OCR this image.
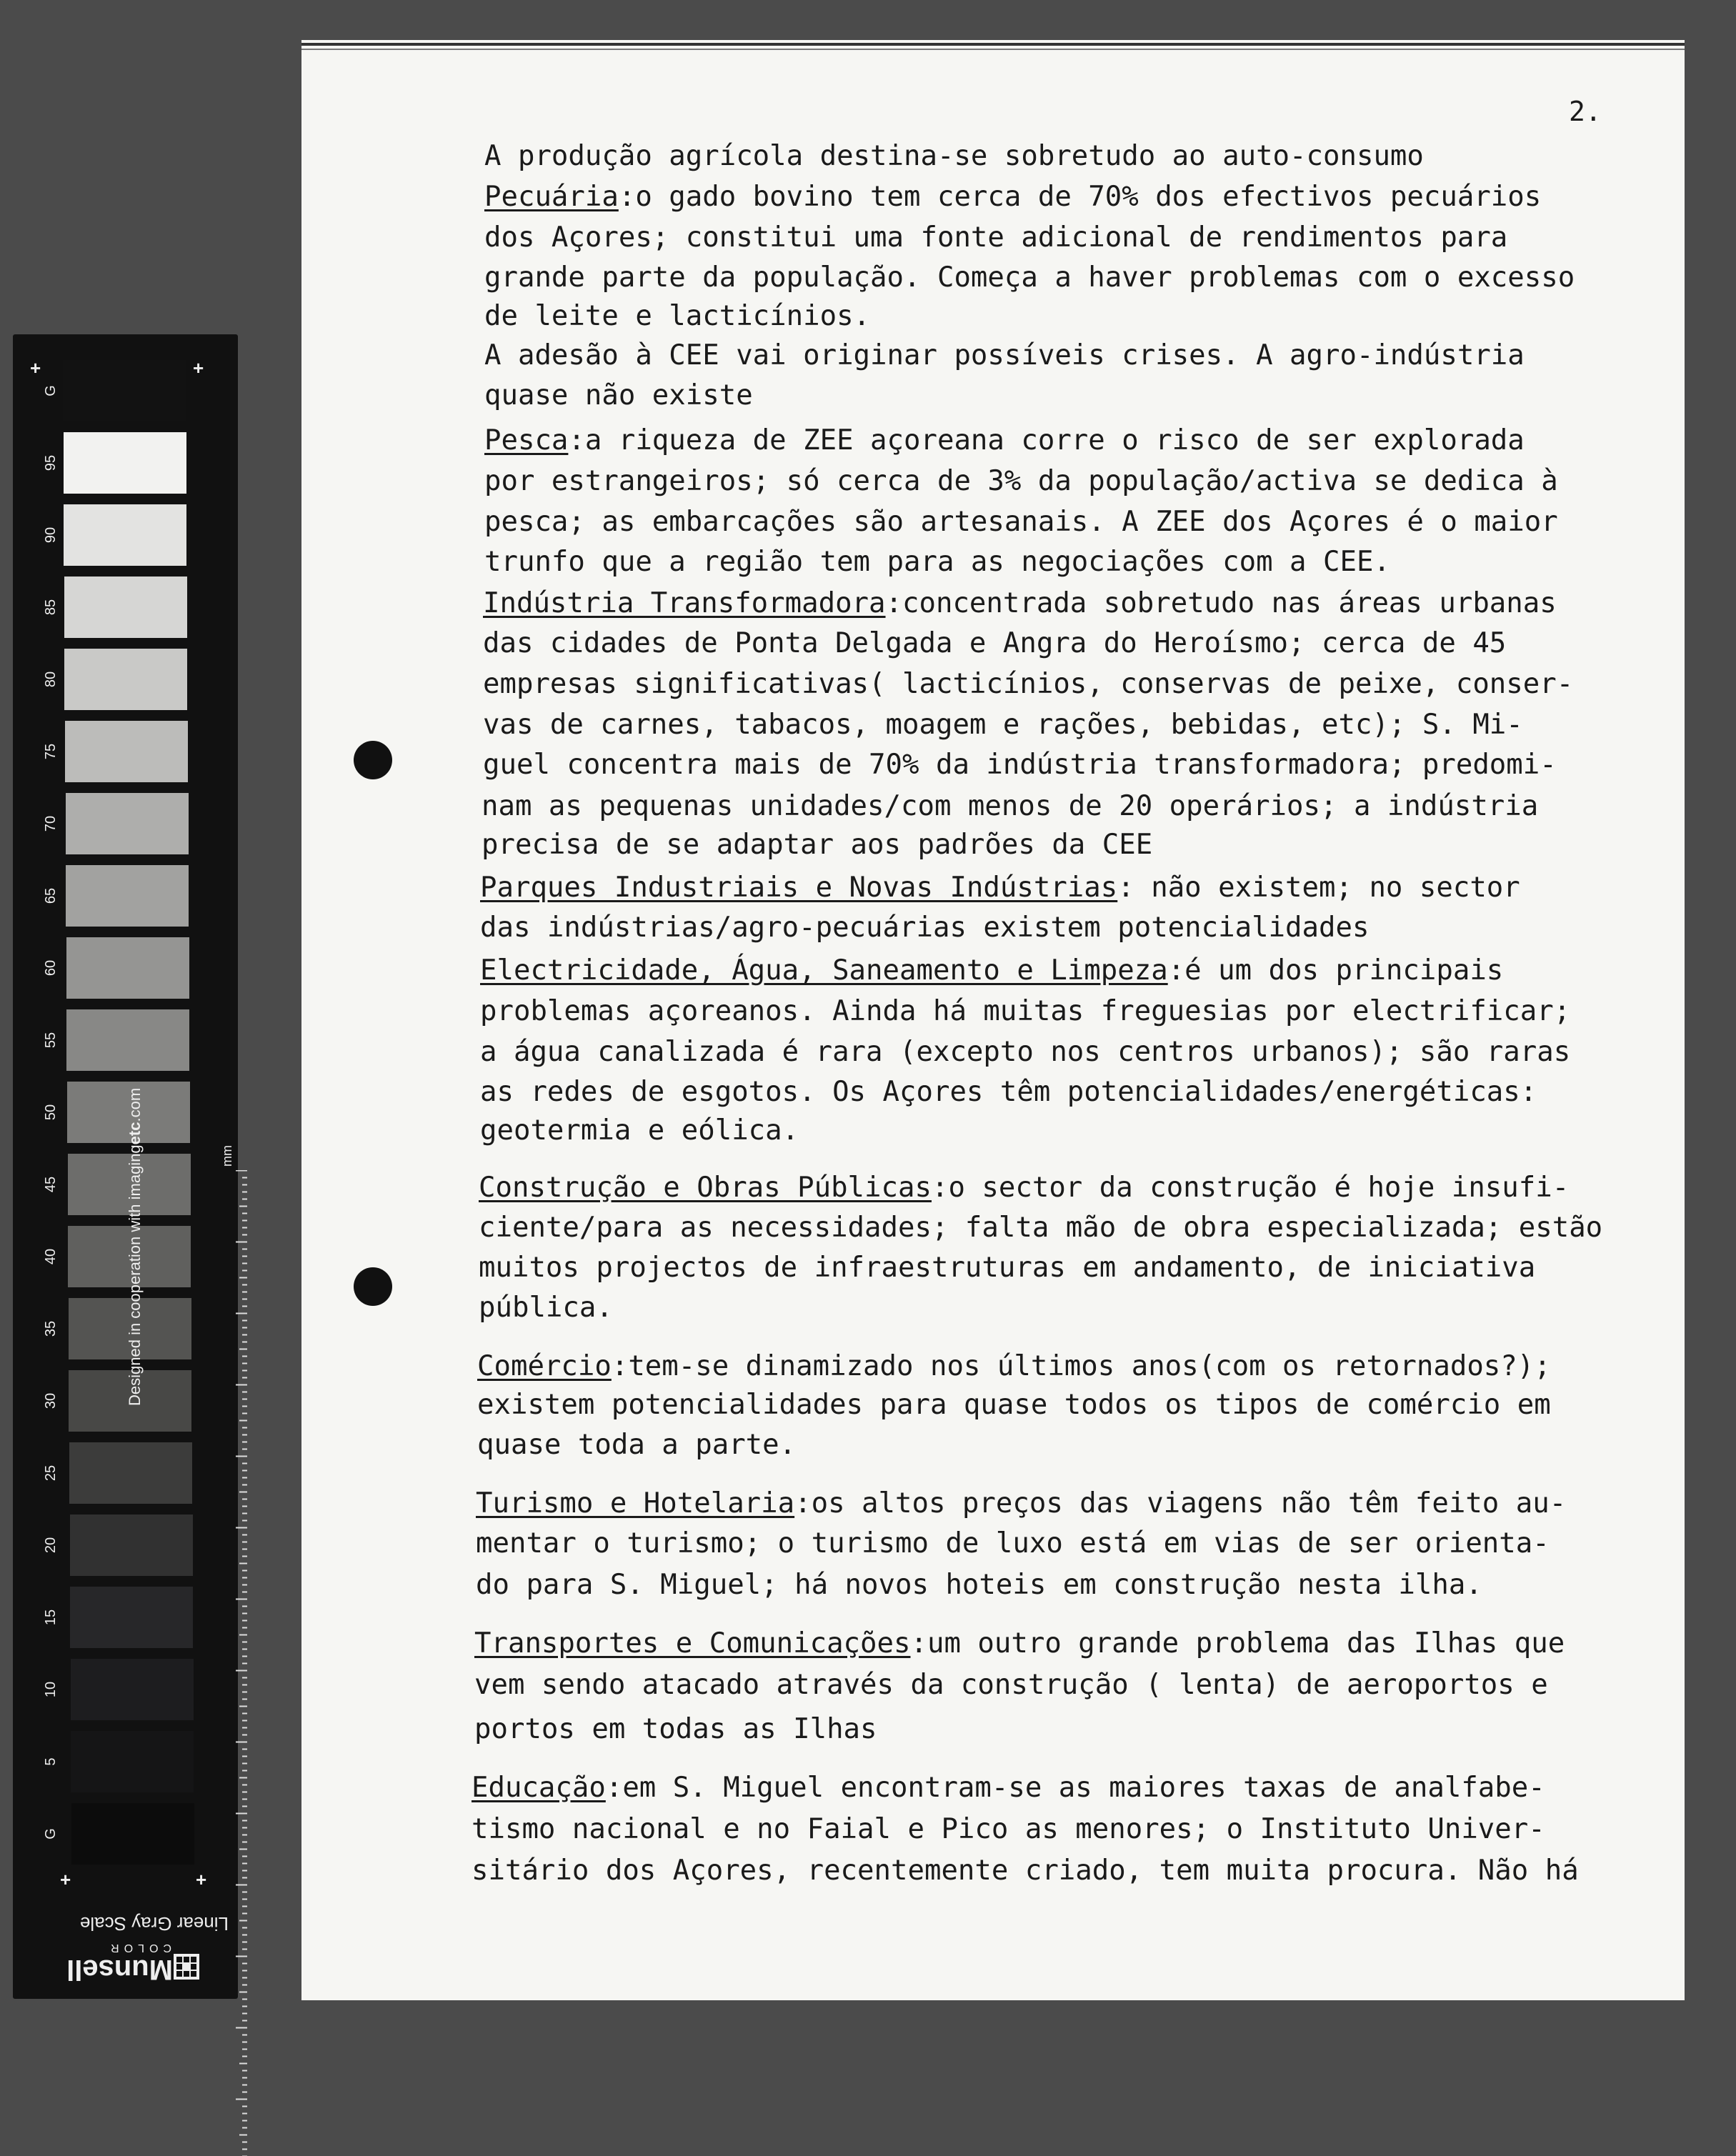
G
95
90
85
80
75
70
65
60
55
50
45
40
35
30
25
20
15
10
5
G
Designed in cooperation with imagingetc.com
mm
+	+
+	+
Linear Gray Scale
COLOR
Munsell
2.
A produção agrícola destina-se sobretudo ao auto-consumo
Pecuária:o gado bovino tem cerca de 70% dos efectivos pecuários
dos Açores; constitui uma fonte adicional de rendimentos para
grande parte da população. Começa a haver problemas com o excesso
de leite e lacticínios.
A adesão à CEE vai originar possíveis crises. A agro-indústria
quase não existe
Pesca:a riqueza de ZEE açoreana corre o risco de ser explorada
por estrangeiros; só cerca de 3% da população/activa se dedica à
pesca; as embarcações são artesanais. A ZEE dos Açores é o maior
trunfo que a região tem para as negociações com a CEE.
Indústria Transformadora:concentrada sobretudo nas áreas urbanas
das cidades de Ponta Delgada e Angra do Heroísmo; cerca de 45
empresas significativas( lacticínios, conservas de peixe, conser-
vas de carnes, tabacos, moagem e rações, bebidas, etc); S. Mi-
guel concentra mais de 70% da indústria transformadora; predomi-
nam as pequenas unidades/com menos de 20 operários; a indústria
precisa de se adaptar aos padrões da CEE
Parques Industriais e Novas Indústrias: não existem; no sector
das indústrias/agro-pecuárias existem potencialidades
Electricidade, Água, Saneamento e Limpeza:é um dos principais
problemas açoreanos. Ainda há muitas freguesias por electrificar;
a água canalizada é rara (excepto nos centros urbanos); são raras
as redes de esgotos. Os Açores têm potencialidades/energéticas:
geotermia e eólica.
Construção e Obras Públicas:o sector da construção é hoje insufi-
ciente/para as necessidades; falta mão de obra especializada; estão
muitos projectos de infraestruturas em andamento, de iniciativa
pública.
Comércio:tem-se dinamizado nos últimos anos(com os retornados?);
existem potencialidades para quase todos os tipos de comércio em
quase toda a parte.
Turismo e Hotelaria:os altos preços das viagens não têm feito au-
mentar o turismo; o turismo de luxo está em vias de ser orienta-
do para S. Miguel; há novos hoteis em construção nesta ilha.
Transportes e Comunicações:um outro grande problema das Ilhas que
vem sendo atacado através da construção ( lenta) de aeroportos e
portos em todas as Ilhas
Educação:em S. Miguel encontram-se as maiores taxas de analfabe-
tismo nacional e no Faial e Pico as menores; o Instituto Univer-
sitário dos Açores, recentemente criado, tem muita procura. Não há
